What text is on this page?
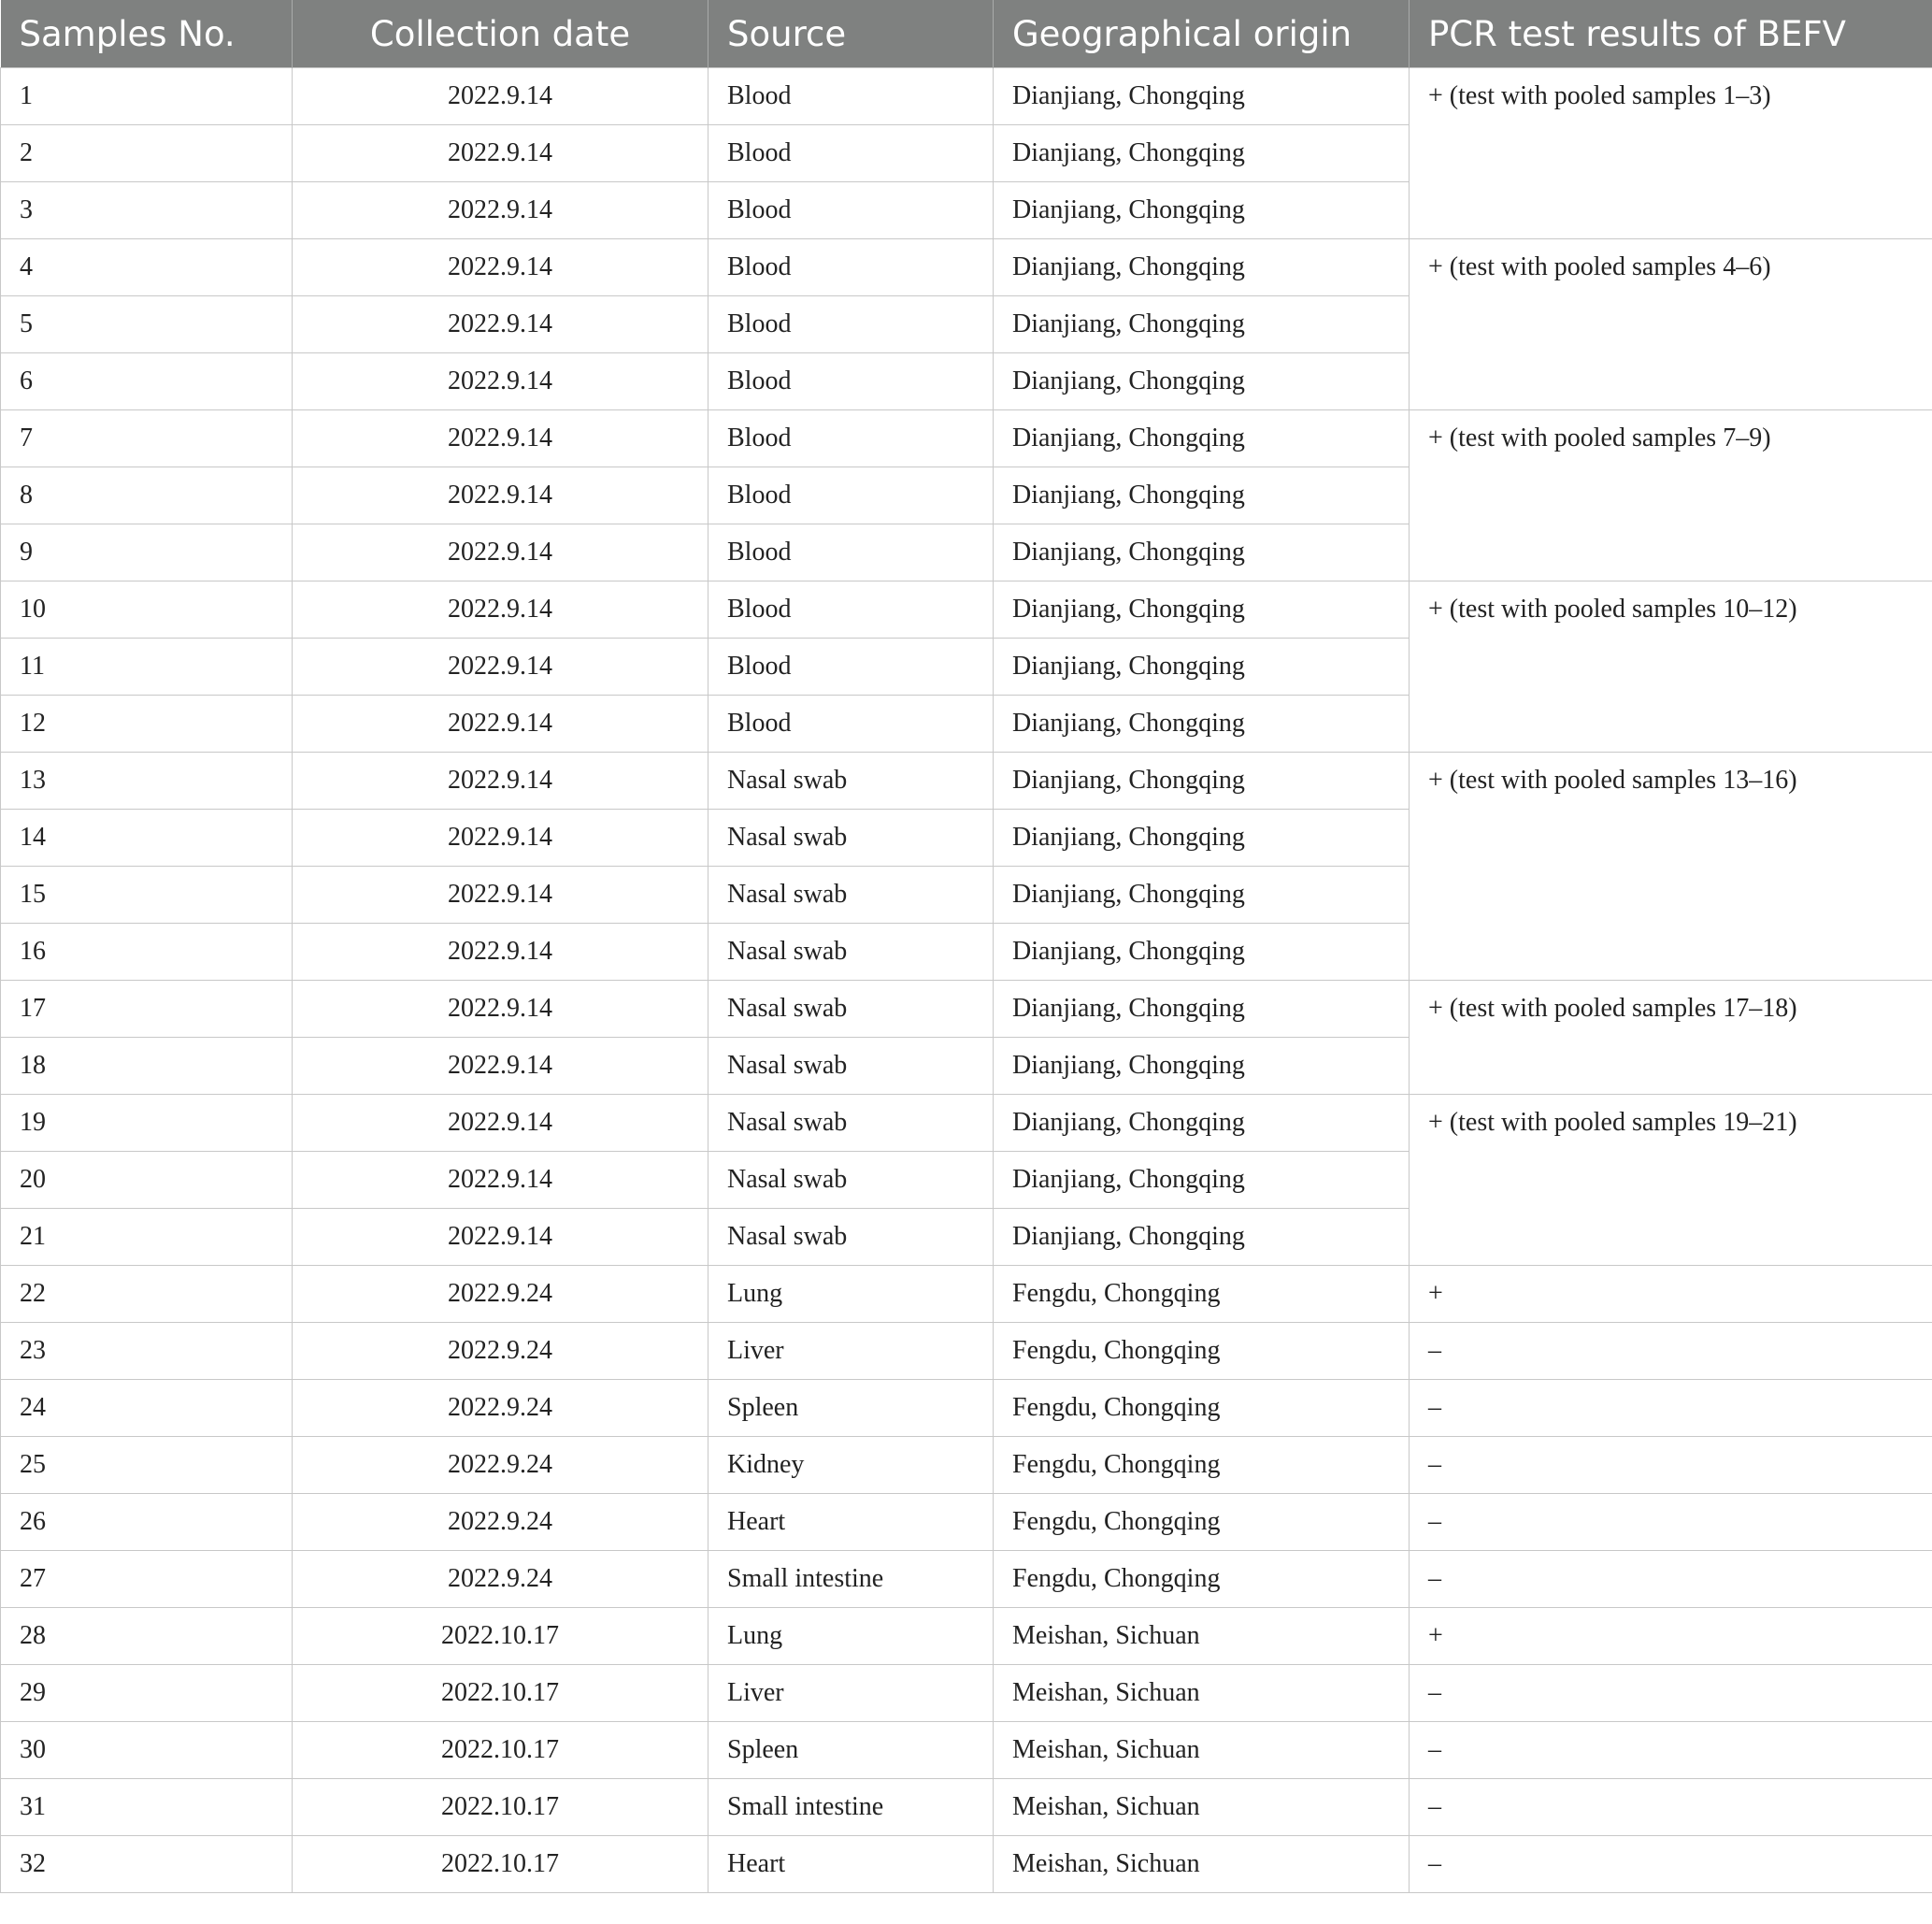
Samples No.	Collection date	Source	Geographical origin	PCR test results of BEFV
1	2022.9.14	Blood	Dianjiang, Chongqing	+ (test with pooled samples 1–3)
2	2022.9.14	Blood	Dianjiang, Chongqing	
3	2022.9.14	Blood	Dianjiang, Chongqing	
4	2022.9.14	Blood	Dianjiang, Chongqing	+ (test with pooled samples 4–6)
5	2022.9.14	Blood	Dianjiang, Chongqing	
6	2022.9.14	Blood	Dianjiang, Chongqing	
7	2022.9.14	Blood	Dianjiang, Chongqing	+ (test with pooled samples 7–9)
8	2022.9.14	Blood	Dianjiang, Chongqing	
9	2022.9.14	Blood	Dianjiang, Chongqing	
10	2022.9.14	Blood	Dianjiang, Chongqing	+ (test with pooled samples 10–12)
11	2022.9.14	Blood	Dianjiang, Chongqing	
12	2022.9.14	Blood	Dianjiang, Chongqing	
13	2022.9.14	Nasal swab	Dianjiang, Chongqing	+ (test with pooled samples 13–16)
14	2022.9.14	Nasal swab	Dianjiang, Chongqing	
15	2022.9.14	Nasal swab	Dianjiang, Chongqing	
16	2022.9.14	Nasal swab	Dianjiang, Chongqing	
17	2022.9.14	Nasal swab	Dianjiang, Chongqing	+ (test with pooled samples 17–18)
18	2022.9.14	Nasal swab	Dianjiang, Chongqing	
19	2022.9.14	Nasal swab	Dianjiang, Chongqing	+ (test with pooled samples 19–21)
20	2022.9.14	Nasal swab	Dianjiang, Chongqing	
21	2022.9.14	Nasal swab	Dianjiang, Chongqing	
22	2022.9.24	Lung	Fengdu, Chongqing	+
23	2022.9.24	Liver	Fengdu, Chongqing	–
24	2022.9.24	Spleen	Fengdu, Chongqing	–
25	2022.9.24	Kidney	Fengdu, Chongqing	–
26	2022.9.24	Heart	Fengdu, Chongqing	–
27	2022.9.24	Small intestine	Fengdu, Chongqing	–
28	2022.10.17	Lung	Meishan, Sichuan	+
29	2022.10.17	Liver	Meishan, Sichuan	–
30	2022.10.17	Spleen	Meishan, Sichuan	–
31	2022.10.17	Small intestine	Meishan, Sichuan	–
32	2022.10.17	Heart	Meishan, Sichuan	–
